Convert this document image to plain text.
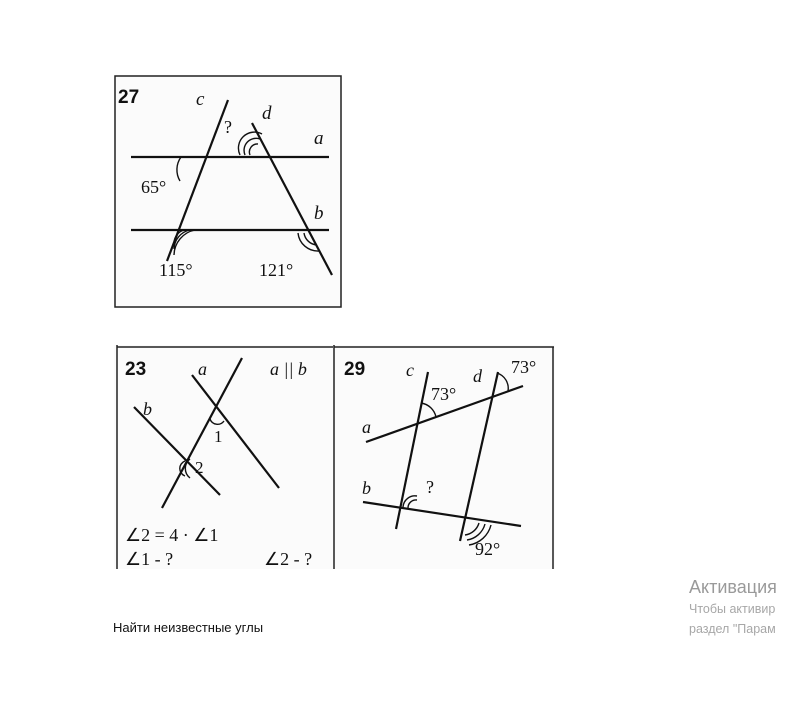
27	c
d
a
b
?
65°
115°	121°
23	a
b
a || b
1
2
∠2 = 4 · ∠1
∠1 - ?	∠2 - ?
29 c	d
a
b
73°
73°
?
92°
Найти неизвестные углы
Активация
Чтобы активир
раздел "Парам
